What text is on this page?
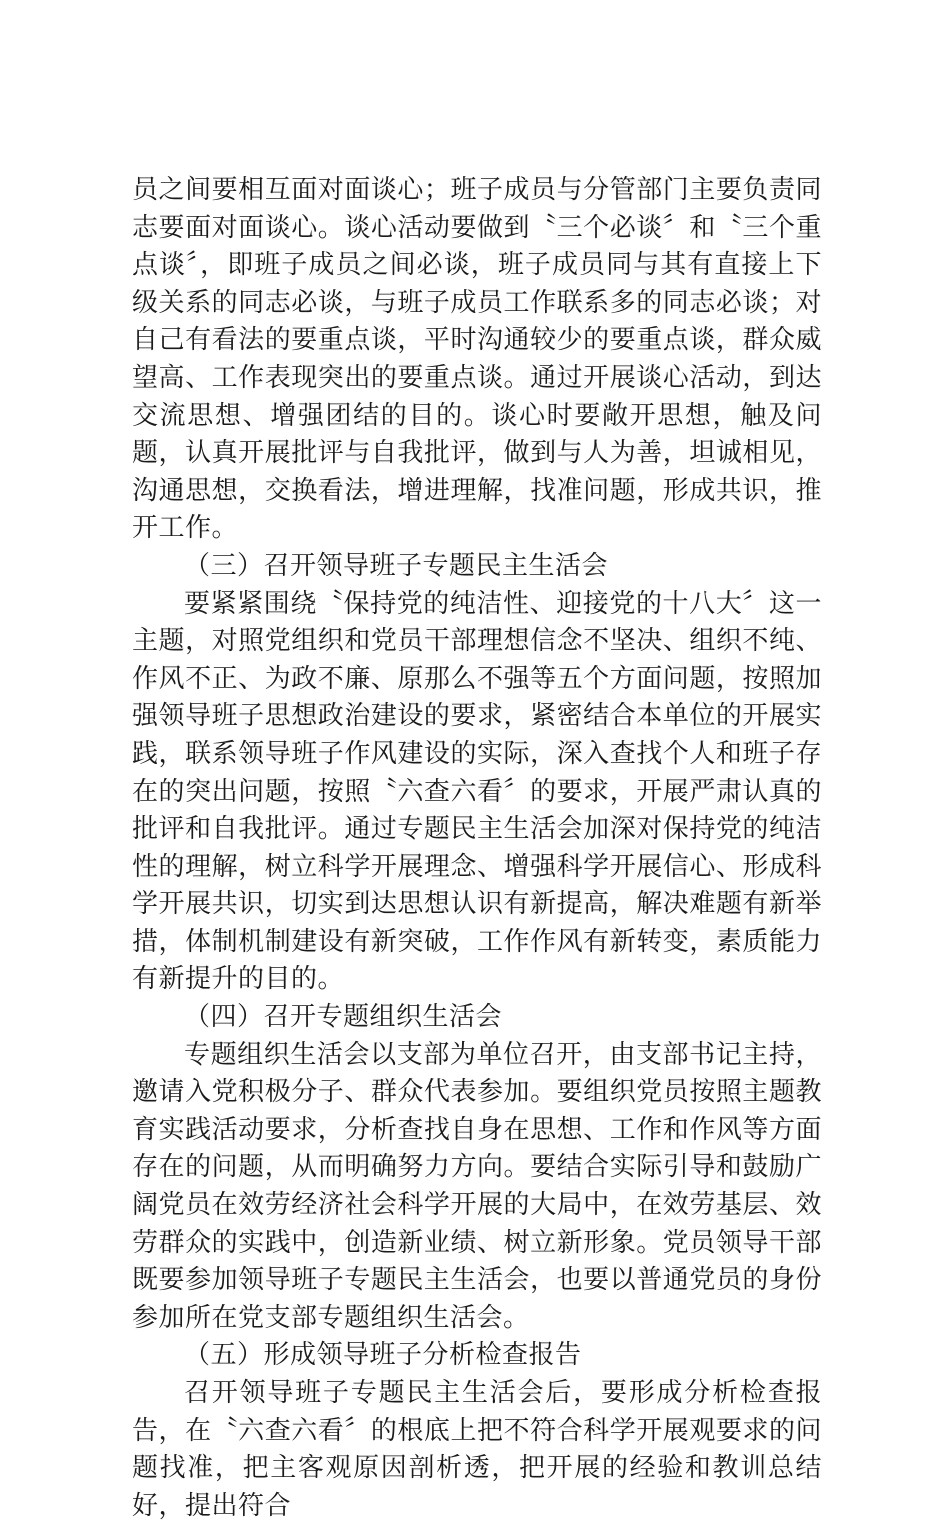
员之间要相互面对面谈心；班子成员与分管部门主要负责同志要面对面谈心。谈心活动要做到〝三个必谈〞和〝三个重点谈〞，即班子成员之间必谈，班子成员同与其有直接上下级关系的同志必谈，与班子成员工作联系多的同志必谈；对自己有看法的要重点谈，平时沟通较少的要重点谈，群众威望高、工作表现突出的要重点谈。通过开展谈心活动，到达交流思想、增强团结的目的。谈心时要敞开思想，触及问题，认真开展批评与自我批评，做到与人为善，坦诚相见，沟通思想，交换看法，增进理解，找准问题，形成共识，推开工作。

（三）召开领导班子专题民主生活会

要紧紧围绕〝保持党的纯洁性、迎接党的十八大〞这一主题，对照党组织和党员干部理想信念不坚决、组织不纯、作风不正、为政不廉、原那么不强等五个方面问题，按照加强领导班子思想政治建设的要求，紧密结合本单位的开展实践，联系领导班子作风建设的实际，深入查找个人和班子存在的突出问题，按照〝六查六看〞的要求，开展严肃认真的批评和自我批评。通过专题民主生活会加深对保持党的纯洁性的理解，树立科学开展理念、增强科学开展信心、形成科学开展共识，切实到达思想认识有新提高，解决难题有新举措，体制机制建设有新突破，工作作风有新转变，素质能力有新提升的目的。

（四）召开专题组织生活会

专题组织生活会以支部为单位召开，由支部书记主持，邀请入党积极分子、群众代表参加。要组织党员按照主题教育实践活动要求，分析查找自身在思想、工作和作风等方面存在的问题，从而明确努力方向。要结合实际引导和鼓励广阔党员在效劳经济社会科学开展的大局中，在效劳基层、效劳群众的实践中，创造新业绩、树立新形象。党员领导干部既要参加领导班子专题民主生活会，也要以普通党员的身份参加所在党支部专题组织生活会。

（五）形成领导班子分析检查报告

召开领导班子专题民主生活会后，要形成分析检查报告，在〝六查六看〞的根底上把不符合科学开展观要求的问题找准，把主客观原因剖析透，把开展的经验和教训总结好，提出符合
